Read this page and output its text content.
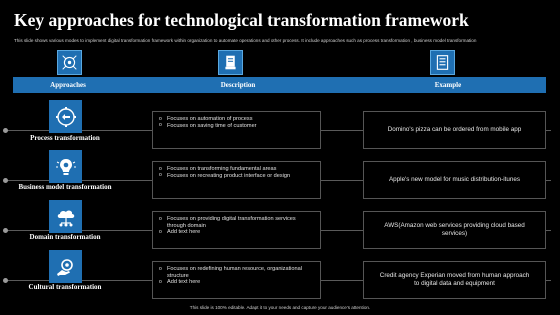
Key approaches for technological transformation framework
This slide shows various modes to implement digital transformation framework within organization to automate operations and other process. It include approaches such as process transformation , business model transformation
Approaches	Description	Example
Process transformation
o Focuses on automation of process
o Focuses on saving time of customer
Domino's pizza can be ordered from mobile app
Business model transformation
o Focuses on transforming fundamental areas
o Focuses on recreating product interface or design
Apple's new model for music distribution-itunes
Domain transformation
o Focuses on providing digital transformation services through domain
o Add text here
AWS(Amazon web services providing cloud based services)
Cultural transformation
o Focuses on redefining human resource, organizational structure
o Add text here
Credit agency Experian moved from human approach to digital data and equipment
This slide is 100% editable. Adapt it to your needs and capture your audience's attention.
